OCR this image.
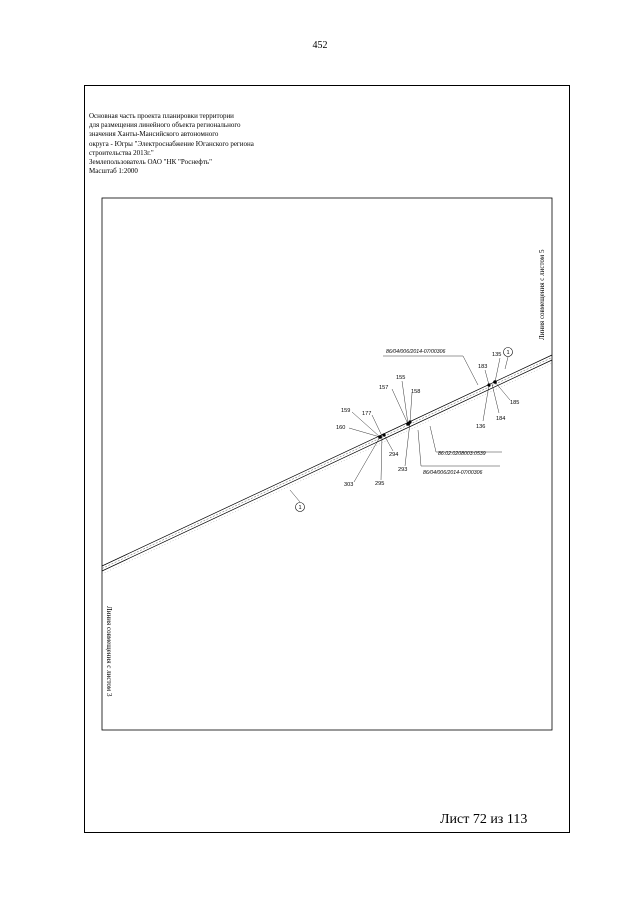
452
Основная часть проекта планировки территории
для размещения линейного объекта регионального
значения Ханты-Мансийского автономного
округа - Югры "Электроснабжение Юганского региона
строительства 2013г."
Землепользователь ОАО "НК "Роснефть"
Масштаб 1:2000
1
1
135
183
185
184
136
155
157
158
159 177
160
294
293
295
303
86/04/006/2014-07/00306
86:02:0208003:0539
86/04/006/2014-07/00306
Линия совмещения с листом 5
Линия совмещения с листом 3
Лист 72 из 113
